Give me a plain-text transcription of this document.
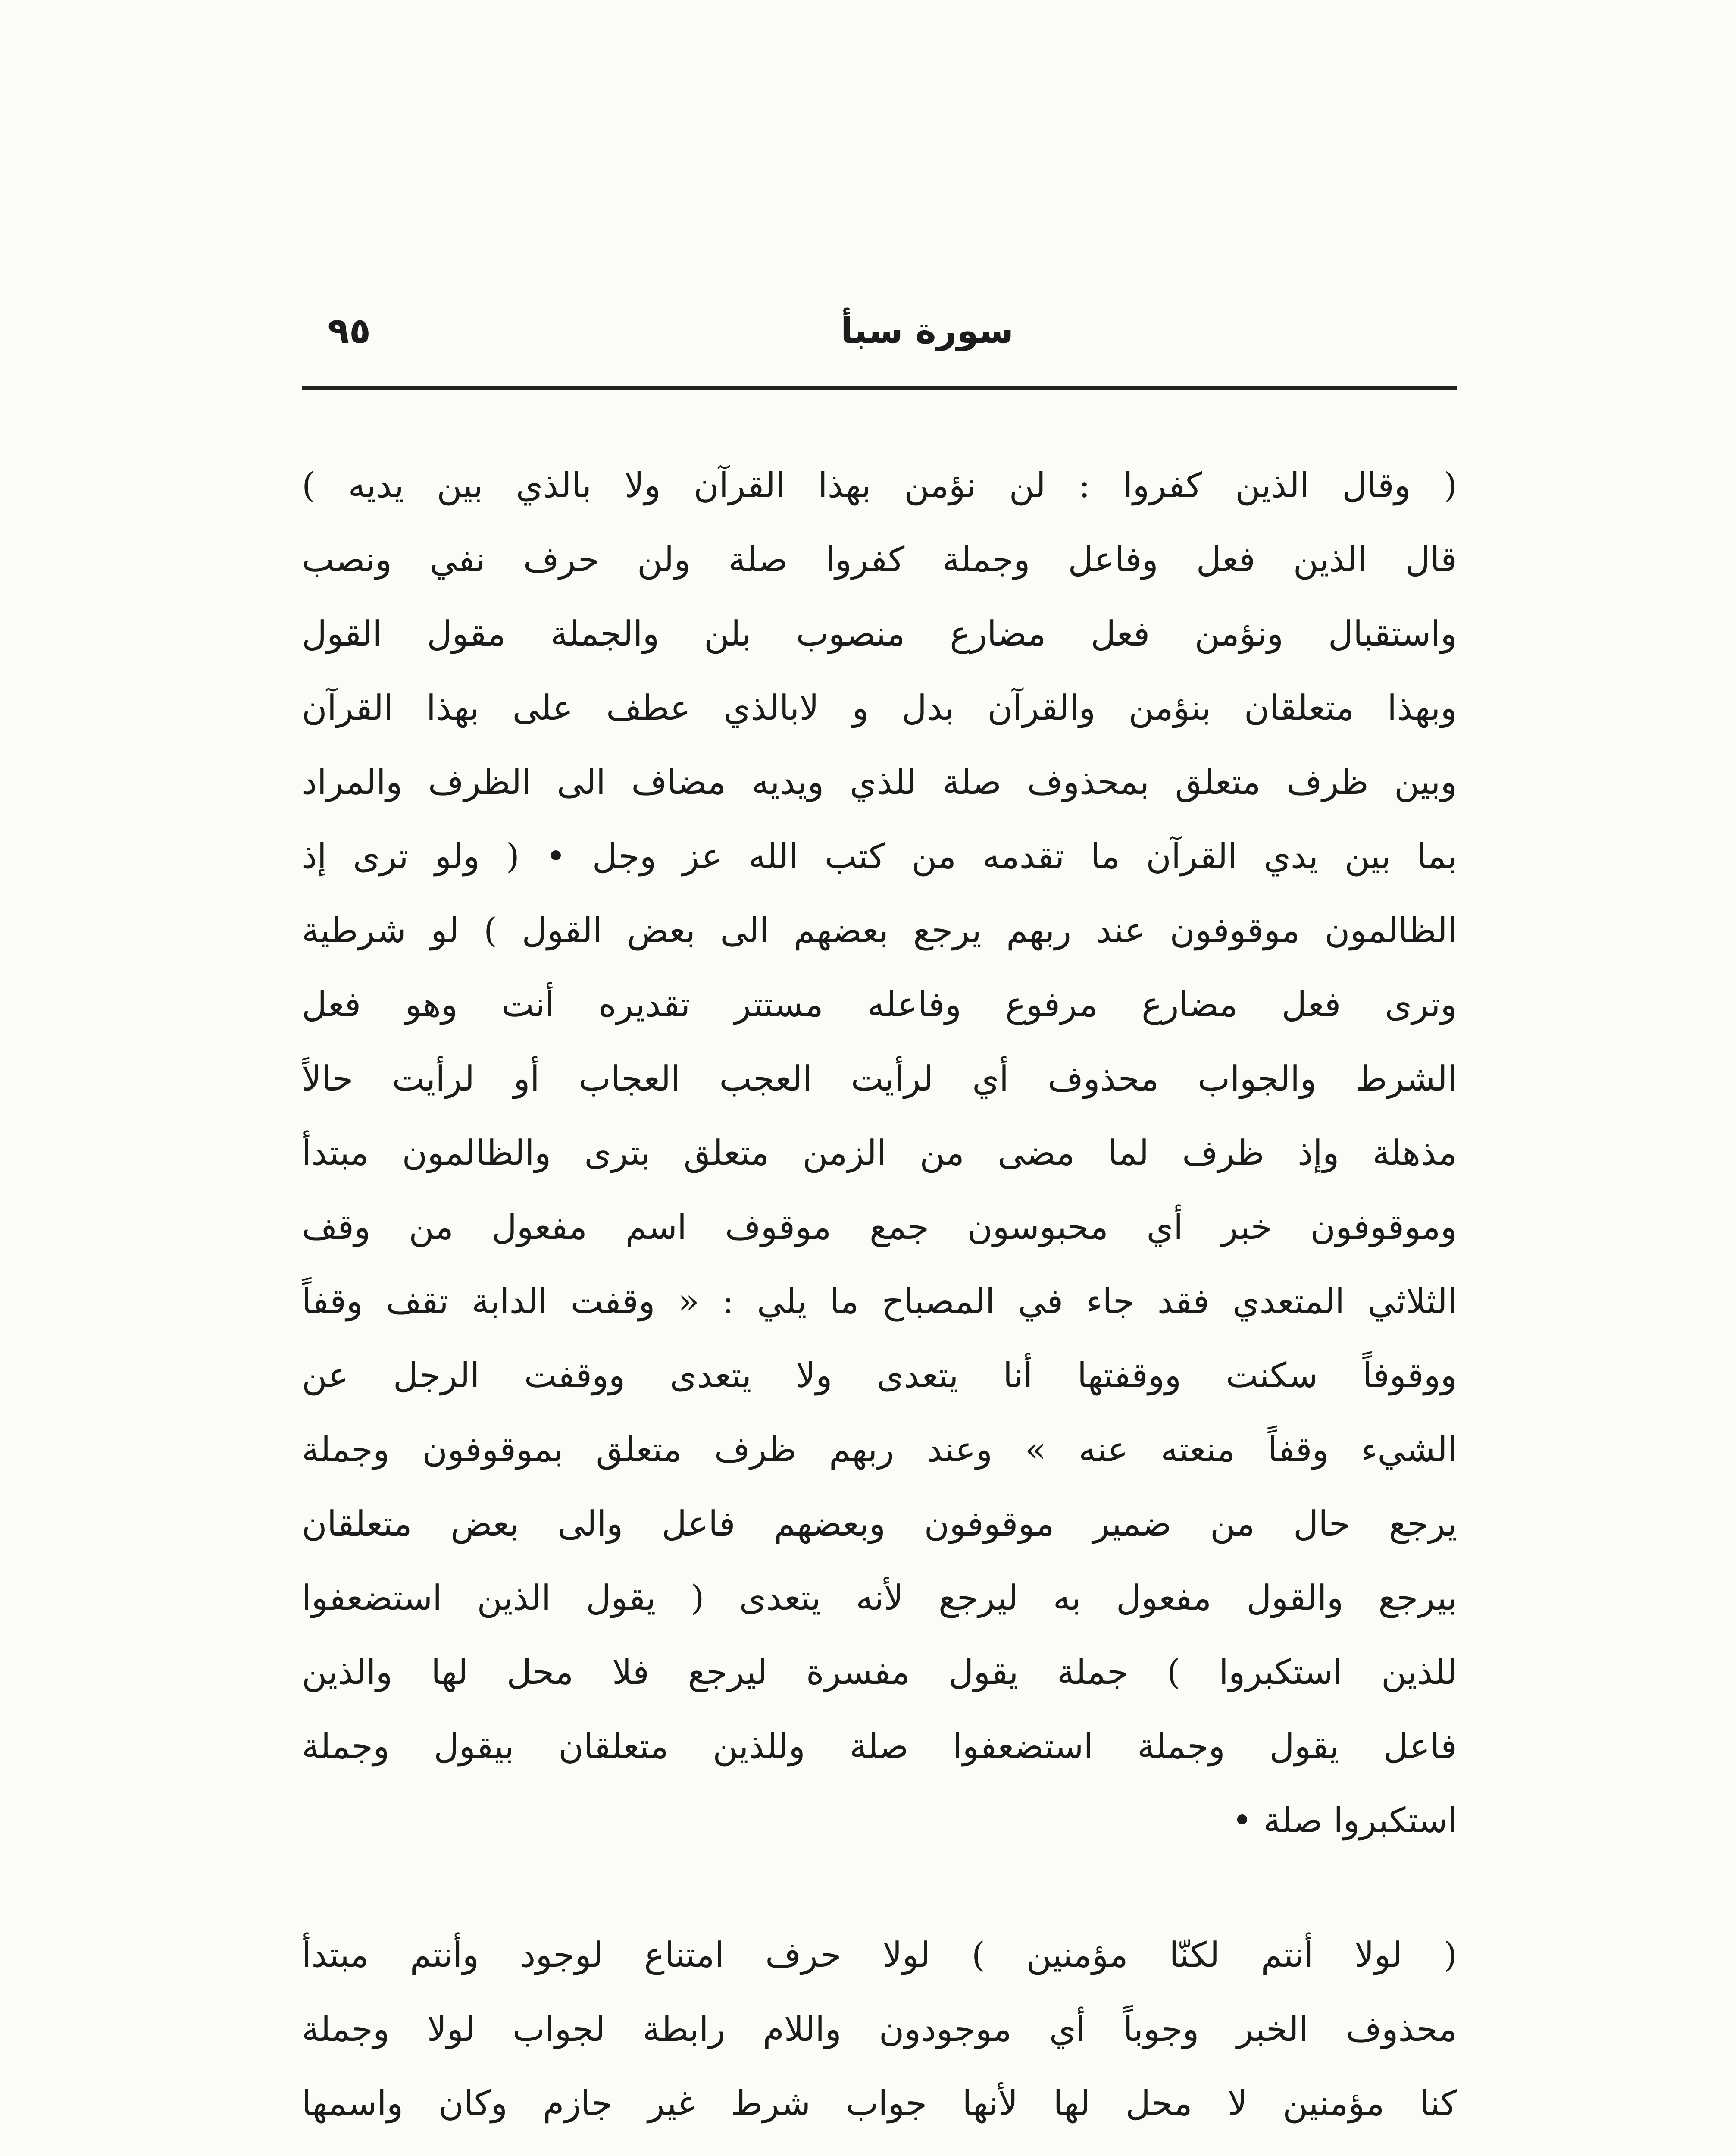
٩٥	سورة سبأ
( وقال الذين كفروا : لن نؤمن بهذا القرآن ولا بالذي بين يديه )
قال الذين فعل وفاعل وجملة كفروا صلة ولن حرف نفي ونصب
واستقبال ونؤمن فعل مضارع منصوب بلن والجملة مقول القول
وبهذا متعلقان بنؤمن والقرآن بدل و لابالذي عطف على بهذا القرآن
وبين ظرف متعلق بمحذوف صلة للذي ويديه مضاف الى الظرف والمراد
بما بين يدي القرآن ما تقدمه من كتب الله عز وجل • ( ولو ترى إذ
الظالمون موقوفون عند ربهم يرجع بعضهم الى بعض القول ) لو شرطية
وترى فعل مضارع مرفوع وفاعله مستتر تقديره أنت وهو فعل
الشرط والجواب محذوف أي لرأيت العجب العجاب أو لرأيت حالاً
مذهلة وإذ ظرف لما مضى من الزمن متعلق بترى والظالمون مبتدأ
وموقوفون خبر أي محبوسون جمع موقوف اسم مفعول من وقف
الثلاثي المتعدي فقد جاء في المصباح ما يلي : « وقفت الدابة تقف وقفاً
ووقوفاً سكنت ووقفتها أنا يتعدى ولا يتعدى ووقفت الرجل عن
الشيء وقفاً منعته عنه » وعند ربهم ظرف متعلق بموقوفون وجملة
يرجع حال من ضمير موقوفون وبعضهم فاعل والى بعض متعلقان
بيرجع والقول مفعول به ليرجع لأنه يتعدى ( يقول الذين استضعفوا
للذين استكبروا ) جملة يقول مفسرة ليرجع فلا محل لها والذين
فاعل يقول وجملة استضعفوا صلة وللذين متعلقان بيقول وجملة
استكبروا صلة •
( لولا أنتم لكنّا مؤمنين ) لولا حرف امتناع لوجود وأنتم مبتدأ
محذوف الخبر وجوباً أي موجودون واللام رابطة لجواب لولا وجملة
كنا مؤمنين لا محل لها لأنها جواب شرط غير جازم وكان واسمها
